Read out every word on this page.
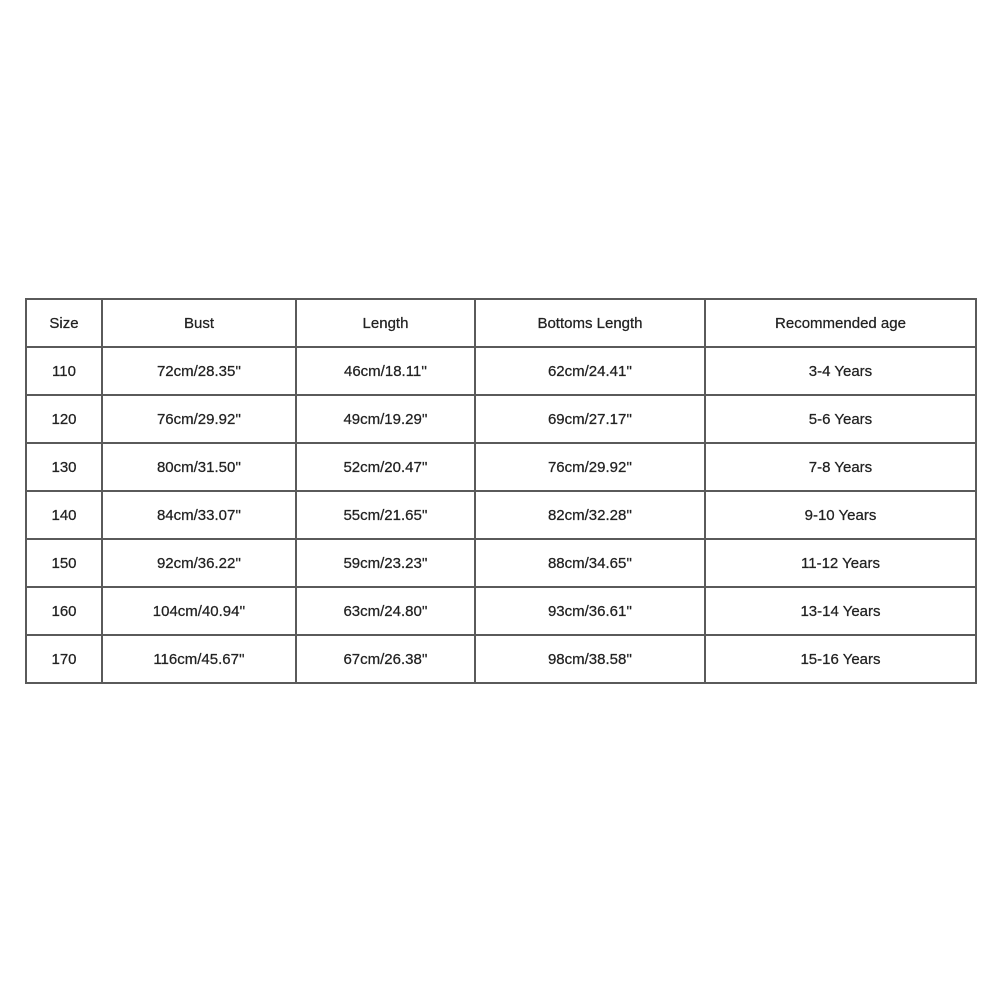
Size	Bust	Length	Bottoms Length	Recommended age
110	72cm/28.35''	46cm/18.11''	62cm/24.41''	3-4 Years
120	76cm/29.92''	49cm/19.29''	69cm/27.17''	5-6 Years
130	80cm/31.50''	52cm/20.47''	76cm/29.92''	7-8 Years
140	84cm/33.07''	55cm/21.65''	82cm/32.28''	9-10 Years
150	92cm/36.22''	59cm/23.23''	88cm/34.65''	11-12 Years
160	104cm/40.94''	63cm/24.80''	93cm/36.61''	13-14 Years
170	116cm/45.67''	67cm/26.38''	98cm/38.58''	15-16 Years
